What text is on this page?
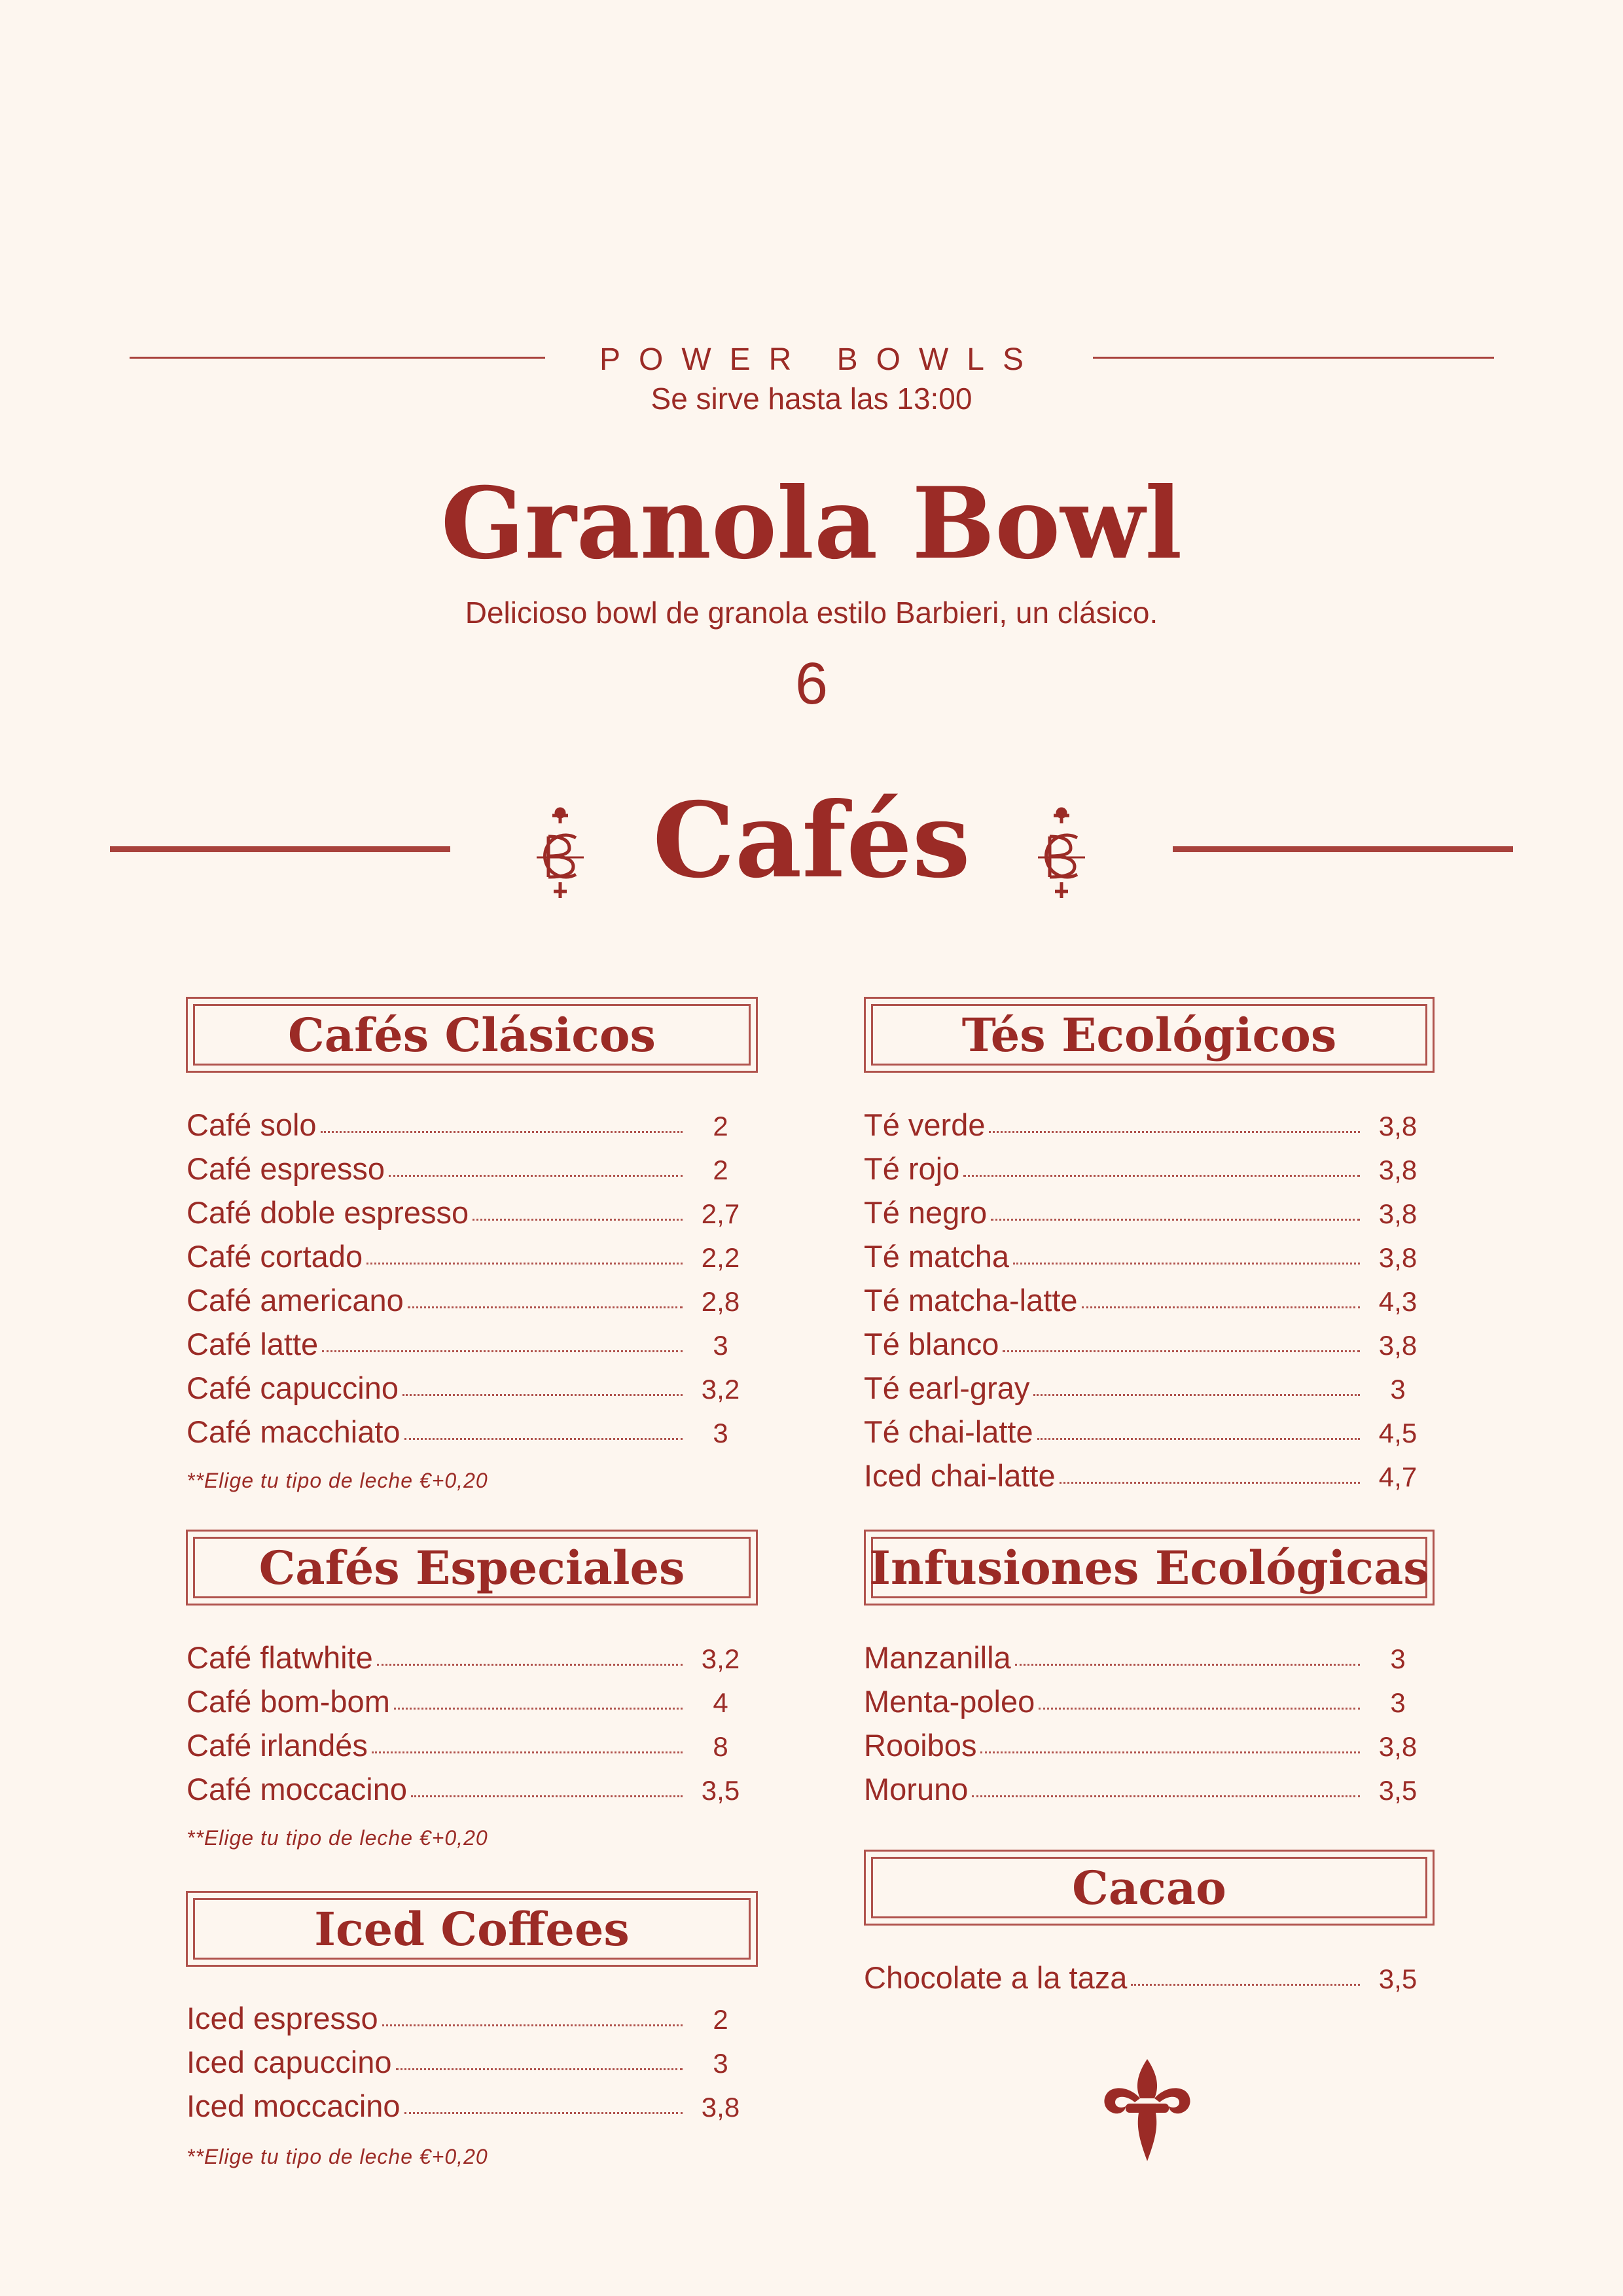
POWER BOWLS
Se sirve hasta las 13:00
Granola Bowl
Delicioso bowl de granola estilo Barbieri, un clásico.
6
Cafés
Cafés Clásicos
Café solo	2
Café espresso	2
Café doble espresso	2,7
Café cortado	2,2
Café americano	2,8
Café latte	3
Café capuccino	3,2
Café macchiato	3
**Elige tu tipo de leche €+0,20
Cafés Especiales
Café flatwhite	3,2
Café bom-bom	4
Café irlandés	8
Café moccacino	3,5
**Elige tu tipo de leche €+0,20
Iced Coffees
Iced espresso	2
Iced capuccino	3
Iced moccacino	3,8
**Elige tu tipo de leche €+0,20
Tés Ecológicos
Té verde	3,8
Té rojo	3,8
Té negro	3,8
Té matcha	3,8
Té matcha-latte	4,3
Té blanco	3,8
Té earl-gray	3
Té chai-latte	4,5
Iced chai-latte	4,7
Infusiones Ecológicas
Manzanilla	3
Menta-poleo	3
Rooibos	3,8
Moruno	3,5
Cacao
Chocolate a la taza	3,5
